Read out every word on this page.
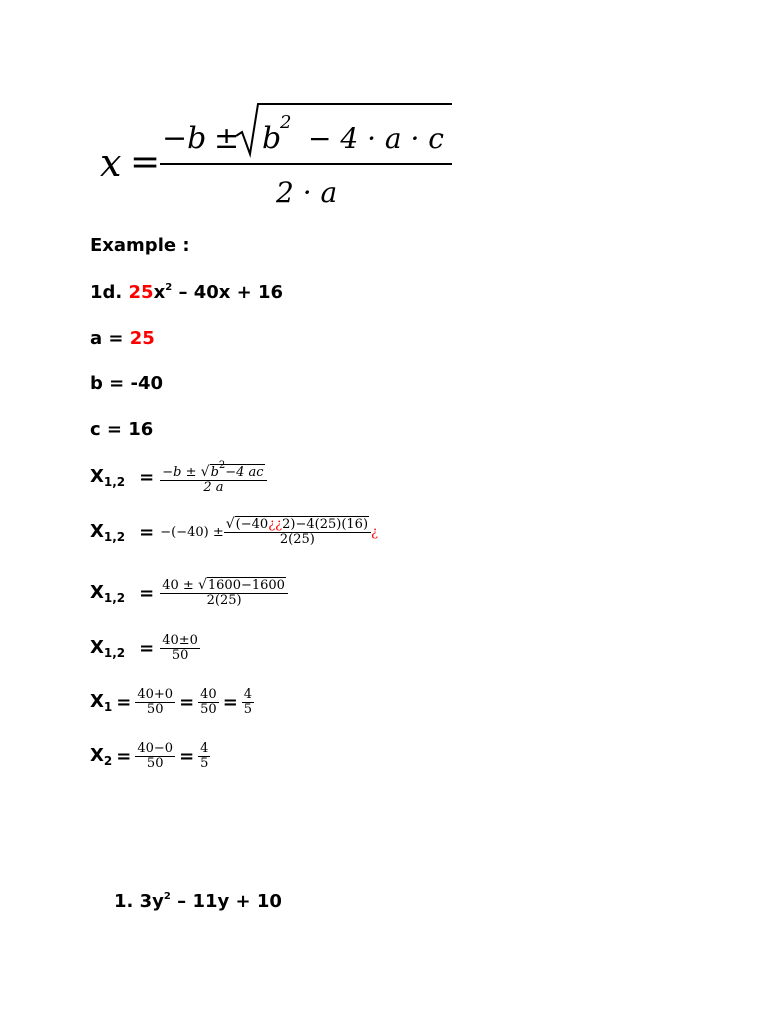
x =
−b ± b
2 − 4 · a · c
2 · a
Example :
1d. $25x^2 - 40x + 16$
a = 25
b = -40
c = 16
$X_{1,2} = \frac{-b \pm √b^2-4 ac}{2 a}$
$X_{1,2} = -(-40) \pm \frac{√(-40¿¿2)-4(25)(16)}{2(25)}$ ¿
$X_{1,2} = \frac{40 \pm √1600-1600}{2(25)}$
$X_{1,2} = \frac{40\pm 0}{50}$
$X_1 = \frac{40+0}{50} = \frac{40}{50} = \frac{4}{5}$
$X_2 = \frac{40-0}{50} = \frac{4}{5}$
1. $3y^2 - 11y + 10$
